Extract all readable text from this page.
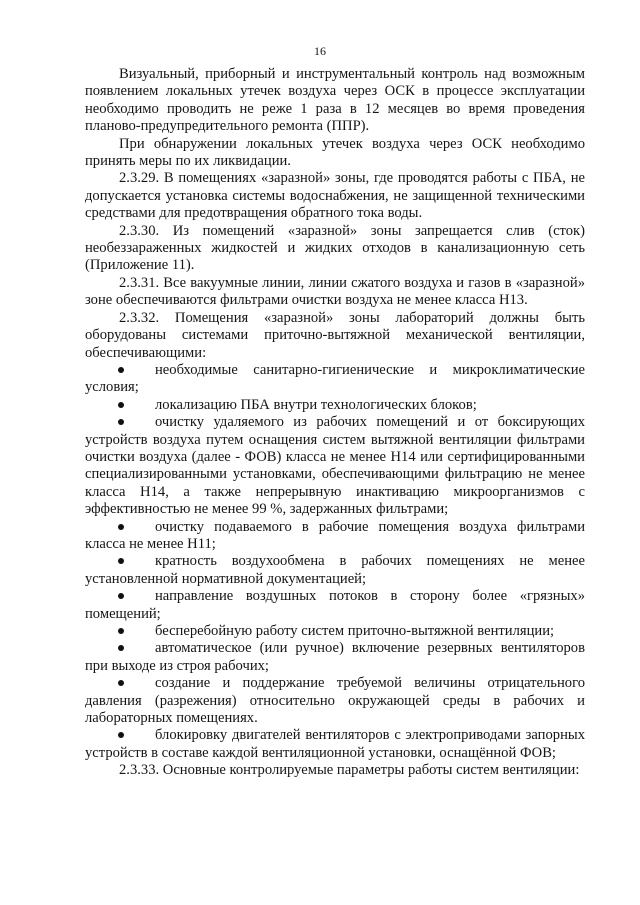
16

Визуальный, приборный и инструментальный контроль над возможным появлением локальных утечек воздуха через ОСК в процессе эксплуатации необходимо проводить не реже 1 раза в 12 месяцев во время проведения планово-предупредительного ремонта (ППР).

При обнаружении локальных утечек воздуха через ОСК необходимо принять меры по их ликвидации.

2.3.29. В помещениях «заразной» зоны, где проводятся работы с ПБА, не допускается установка системы водоснабжения, не защищенной техническими средствами для предотвращения обратного тока воды.

2.3.30. Из помещений «заразной» зоны запрещается слив (сток) необеззараженных жидкостей и жидких отходов в канализационную сеть (Приложение 11).

2.3.31. Все вакуумные линии, линии сжатого воздуха и газов в «заразной» зоне обеспечиваются фильтрами очистки воздуха не менее класса H13.

2.3.32. Помещения «заразной» зоны лабораторий должны быть оборудованы системами приточно-вытяжной механической вентиляции, обеспечивающими:

необходимые санитарно-гигиенические и микроклиматические условия;
локализацию ПБА внутри технологических блоков;
очистку удаляемого из рабочих помещений и от боксирующих устройств воздуха путем оснащения систем вытяжной вентиляции фильтрами очистки воздуха (далее - ФОВ) класса не менее H14 или сертифицированными специализированными установками, обеспечивающими фильтрацию не менее класса H14, а также непрерывную инактивацию микроорганизмов с эффективностью не менее 99 %, задержанных фильтрами;
очистку подаваемого в рабочие помещения воздуха фильтрами класса не менее H11;
кратность воздухообмена в рабочих помещениях не менее установленной нормативной документацией;
направление воздушных потоков в сторону более «грязных» помещений;
бесперебойную работу систем приточно-вытяжной вентиляции;
автоматическое (или ручное) включение резервных вентиляторов при выходе из строя рабочих;
создание и поддержание требуемой величины отрицательного давления (разрежения) относительно окружающей среды в рабочих и лабораторных помещениях.
блокировку двигателей вентиляторов с электроприводами запорных устройств в составе каждой вентиляционной установки, оснащённой ФОВ;

2.3.33. Основные контролируемые параметры работы систем вентиляции:
